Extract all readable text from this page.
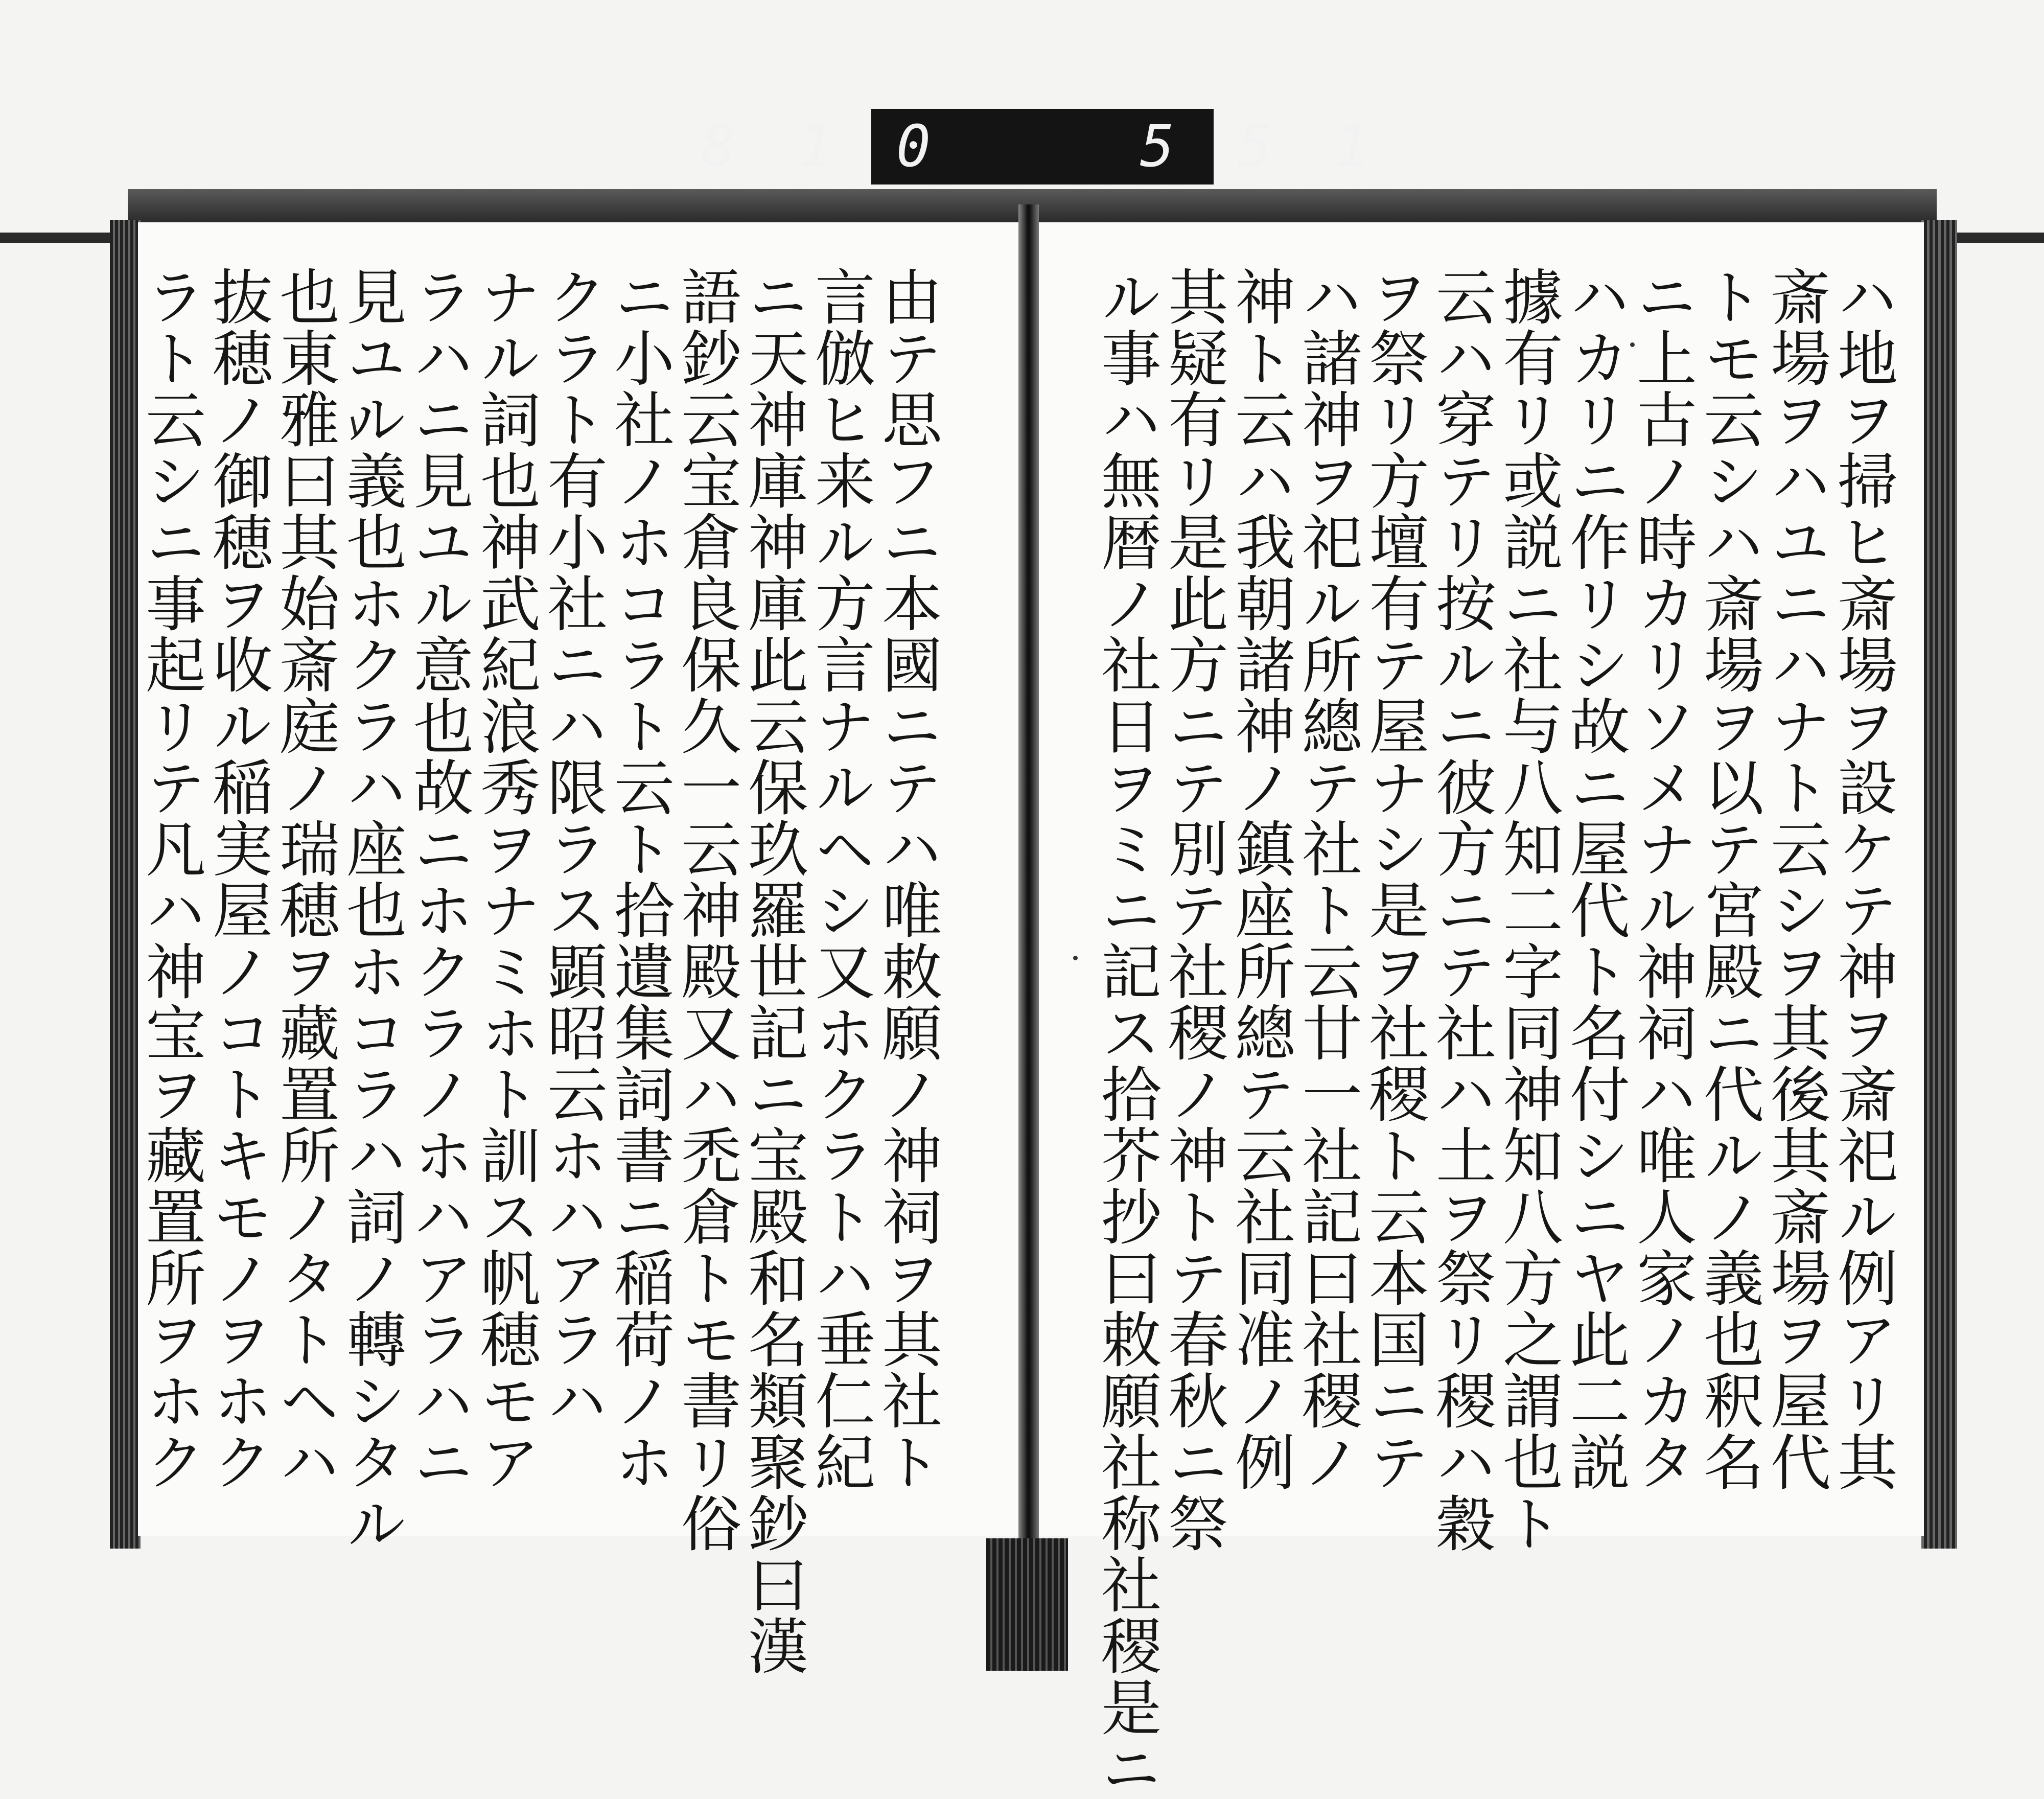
8 1 0    5 5 1
由テ思フニ本國ニテハ唯敕願ノ神祠ヲ其社ト
言倣ヒ来ル方言ナルヘシ又ホクラトハ垂仁紀
ニ天神庫神庫此云保玖羅世記ニ宝殿和名類聚鈔曰漢
語鈔云宝倉良保久一云神殿又ハ禿倉トモ書リ俗
ニ小社ノホコラト云ト拾遺集詞書ニ稲荷ノホ
クラト有小社ニハ限ラス顕昭云ホハアラハ
ナル詞也神武紀浪秀ヲナミホト訓ス帆穂モア
ラハニ見ユル意也故ニホクラノホハアラハニ
見ユル義也ホクラハ座也ホコラハ詞ノ轉シタル
也東雅曰其始斎庭ノ瑞穂ヲ藏置所ノタトヘハ
抜穂ノ御穂ヲ收ル稲実屋ノコトキモノヲホク
ラト云シニ事起リテ凡ハ神宝ヲ藏置所ヲホク	ハ地ヲ掃ヒ斎場ヲ設ケテ神ヲ斎祀ル例アリ其
斎場ヲハユニハナト云シヲ其後其斎場ヲ屋代
トモ云シハ斎場ヲ以テ宮殿ニ代ルノ義也釈名
ニ上古ノ時カリソメナル神祠ハ唯人家ノカタ
ハカリニ作リシ故ニ屋代ト名付シニヤ此二説
據有リ或説ニ社与八知二字同神知八方之謂也ト
云ハ穿テリ按ルニ彼方ニテ社ハ土ヲ祭リ稷ハ穀
ヲ祭リ方壇有テ屋ナシ是ヲ社稷ト云本国ニテ
ハ諸神ヲ祀ル所總テ社ト云廿一社記曰社稷ノ
神ト云ハ我朝諸神ノ鎮座所總テ云社同准ノ例
其疑有リ是此方ニテ別テ社稷ノ神トテ春秋ニ祭
ル事ハ無暦ノ社日ヲミニ記ス拾芥抄曰敕願社称社稷是ニ
